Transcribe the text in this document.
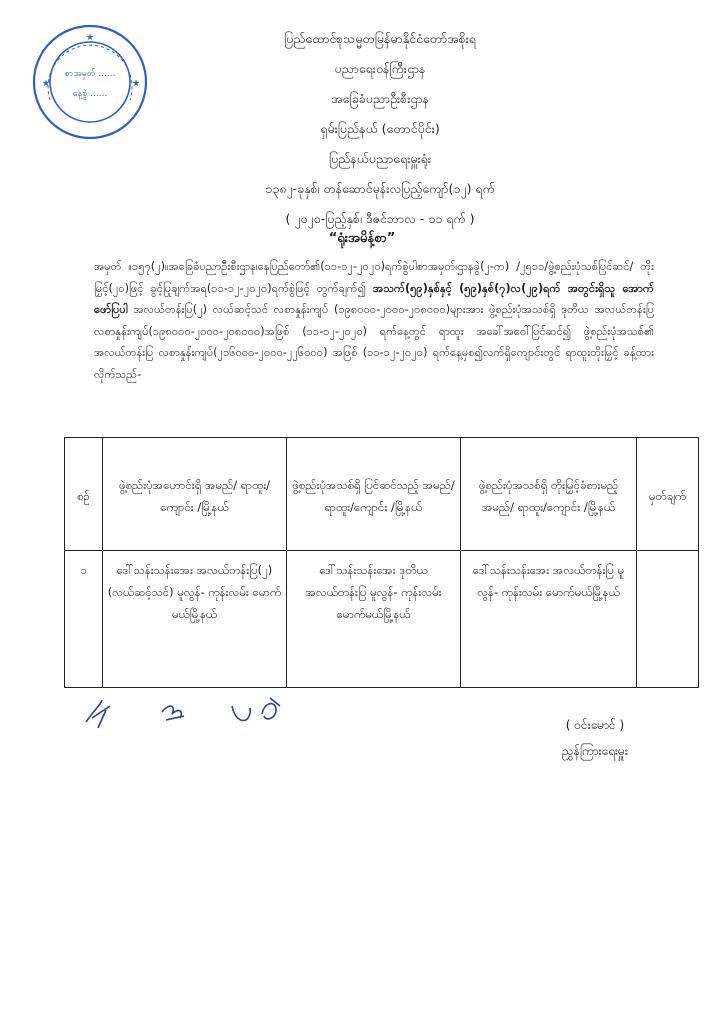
★
★	★
စာအမှတ် ......
နေ့စွဲ ......
ပြည်ထောင်စုသမ္မတမြန်မာနိုင်ငံတော်အစိုးရ
ပညာရေးဝန်ကြီးဌာန
အခြေခံပညာဦးစီးဌာန
ရှမ်းပြည်နယ် (တောင်ပိုင်း)
ပြည်နယ်ပညာရေးမှူးရုံး
၁၃၈၂-ခုနှစ်၊ တန်ဆောင်မုန်းလပြည့်ကျော်(၁၂) ရက်
( ၂၀၂၀-ပြည့်နှစ်၊ ဒီဇင်ဘာလ - ၁၁ ရက် )
“ရုံးအမိန့်စာ”
အမှတ် ။၁၅၇(၂)။အခြေခံပညာဦးစီးဌာန၊နေပြည်တော်၏(၁၁-၁၂-၂၀၂၀)ရက်စွဲပါစာအမှတ်၊ဌာနခွဲ(၂-က) /၂၅၁၁/ဖွဲ့စည်းပုံသစ်ပြင်ဆင်/ တိုးမြှင့်(၂၀)ဖြင့် ခွင့်ပြုချက်အရ(၁၁-၁၂-၂၀၂၀)ရက်စွဲဖြင့် တွက်ချက်၍ အသက်(၅၉)နှစ်နှင့် (၅၉)နှစ်(၇)လ(၂၉)ရက် အတွင်းရှိသူ အောက်ဖော်ပြပါ အလယ်တန်းပြ(၂) လယ်ဆင့်သင် လစာနှုန်းကျပ် (၁၉၈၀၀၀-၂၀၀၀-၂၀၈၀၀၀)များအား ဖွဲ့စည်းပုံအသစ်ရှိ ဒုတိယ အလယ်တန်းပြ လစာနှုန်းကျပ်(၁၉၈၀၀၀-၂၀၀၀-၂၀၈၀၀၀)အဖြစ် (၁၁-၁၂-၂၀၂၀) ရက်နေ့တွင် ရာထူး အခေါ်အဝေါ်ပြင်ဆင်၍ ဖွဲ့စည်းပုံအသစ်၏ အလယ်တန်းပြ လစာနှုန်းကျပ်(၂၁၆၀၀၀-၂၀၀၀-၂၂၆၀၀၀) အဖြစ် (၁၁-၁၂-၂၀၂၀) ရက်နေ့မှစ၍လက်ရှိကျောင်းတွင် ရာထူးတိုးမြှင့် ခန့်ထားလိုက်သည်-
စဉ်	ဖွဲ့စည်းပုံအဟောင်းရှိ အမည်/ ရာထူး/ကျောင်း /မြို့နယ်	ဖွဲ့စည်းပုံအသစ်ရှိ ပြင်ဆင်သည့် အမည်/ ရာထူး/ကျောင်း /မြို့နယ်	ဖွဲ့စည်းပုံအသစ်ရှိ တိုးမြှင့်ခံစားမည့် အမည်/ ရာထူး/ကျောင်း /မြို့နယ်	မှတ်ချက်
၁	ဒေါ်သန်းသန်းအေး အလယ်တန်းပြ(၂) (လယ်ဆင့်သင်) မူလွန်- ကုန်းလမ်း မောက်မယ်မြို့နယ်	ဒေါ်သန်းသန်းအေး ဒုတိယ အလယ်တန်းပြ မူလွန်- ကုန်းလမ်း မောက်မယ်မြို့နယ်	ဒေါ်သန်းသန်းအေး အလယ်တန်းပြ မူလွန်- ကုန်းလမ်း မောက်မယ်မြို့နယ်	
( ဝင်းမောင် )
ညွှန်ကြားရေးမှူး
